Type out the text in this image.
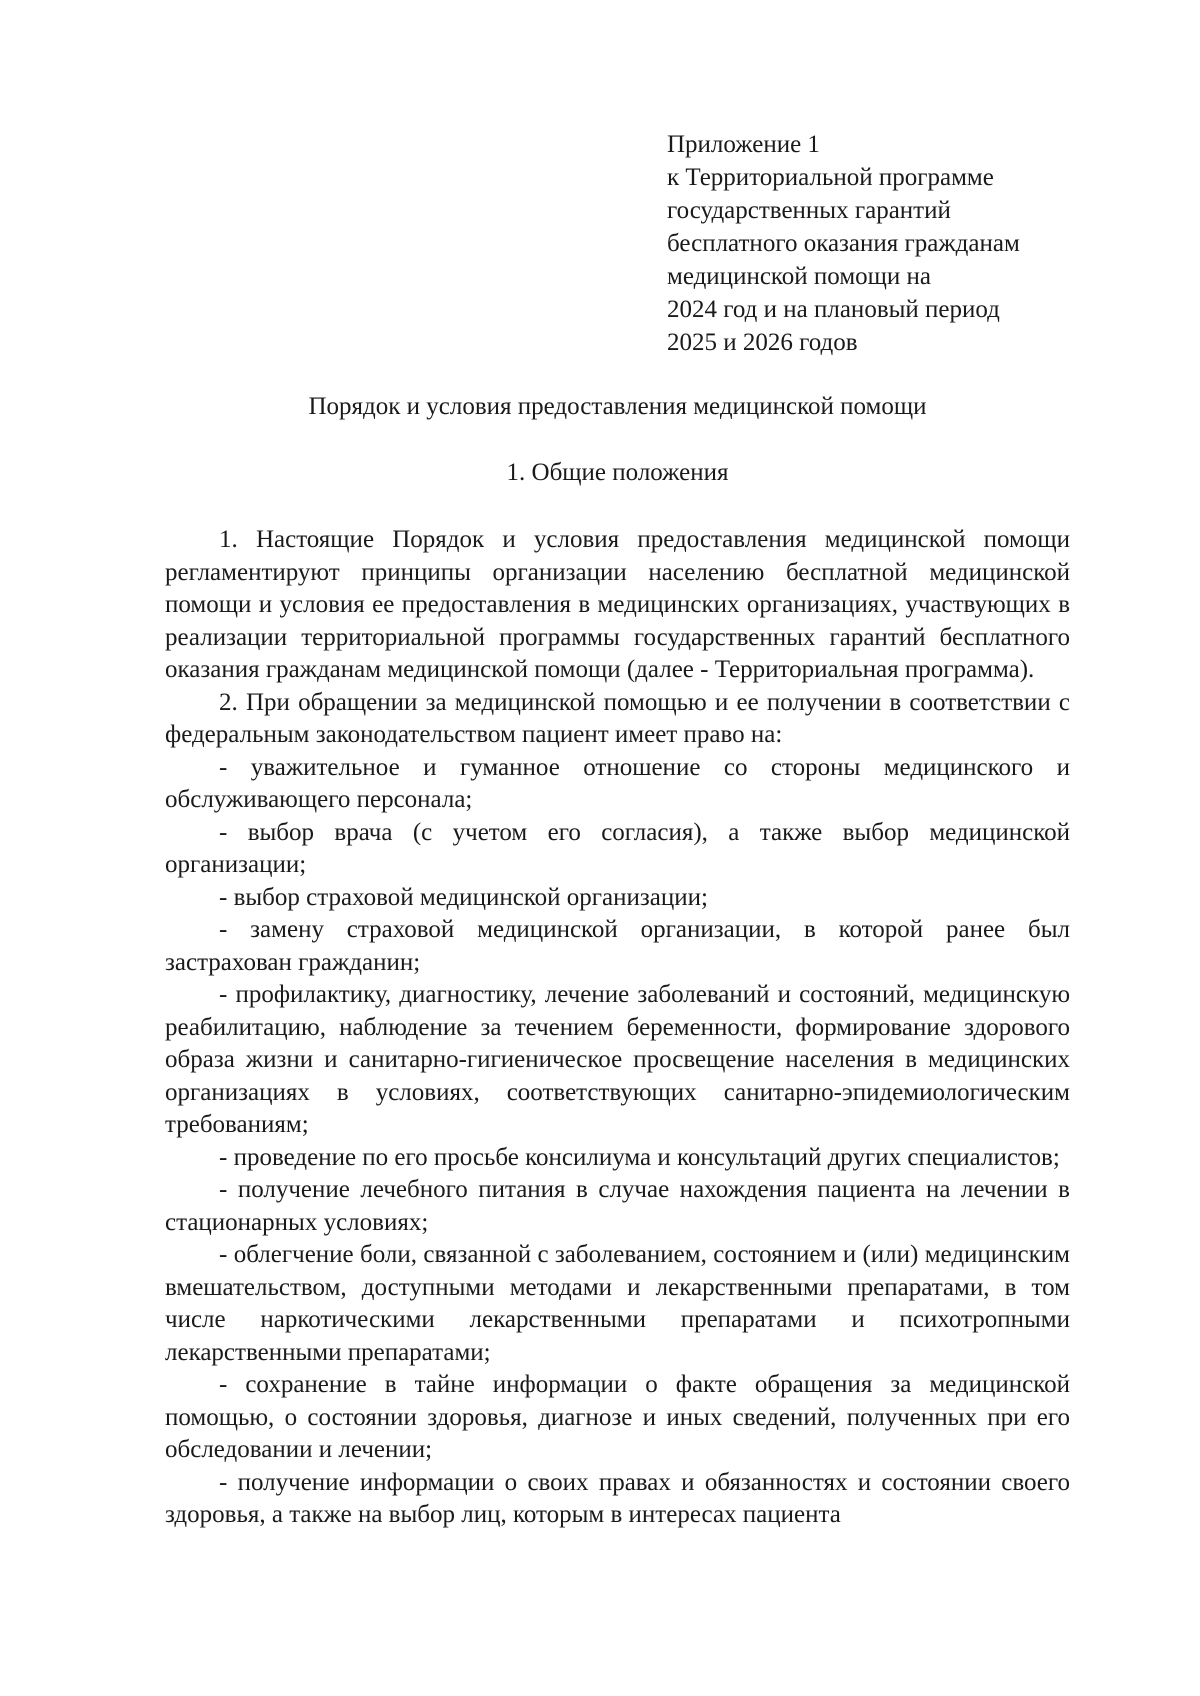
Приложение 1
к Территориальной программе
государственных гарантий
бесплатного оказания гражданам
медицинской помощи на
2024 год и на плановый период
2025 и 2026 годов
Порядок и условия предоставления медицинской помощи
1. Общие положения

1. Настоящие Порядок и условия предоставления медицинской помощи регламентируют принципы организации населению бесплатной медицинской помощи и условия ее предоставления в медицинских организациях, участвующих в реализации территориальной программы государственных гарантий бесплатного оказания гражданам медицинской помощи (далее - Территориальная программа).

2. При обращении за медицинской помощью и ее получении в соответствии с федеральным законодательством пациент имеет право на:

- уважительное и гуманное отношение со стороны медицинского и обслуживающего персонала;

- выбор врача (с учетом его согласия), а также выбор медицинской организации;

- выбор страховой медицинской организации;

- замену страховой медицинской организации, в которой ранее был застрахован гражданин;

- профилактику, диагностику, лечение заболеваний и состояний, медицинскую реабилитацию, наблюдение за течением беременности, формирование здорового образа жизни и санитарно-гигиеническое просвещение населения в медицинских организациях в условиях, соответствующих санитарно-эпидемиологическим требованиям;

- проведение по его просьбе консилиума и консультаций других специалистов;

- получение лечебного питания в случае нахождения пациента на лечении в стационарных условиях;

- облегчение боли, связанной с заболеванием, состоянием и (или) медицинским вмешательством, доступными методами и лекарственными препаратами, в том числе наркотическими лекарственными препаратами и психотропными лекарственными препаратами;

- сохранение в тайне информации о факте обращения за медицинской помощью, о состоянии здоровья, диагнозе и иных сведений, полученных при его обследовании и лечении;

- получение информации о своих правах и обязанностях и состоянии своего здоровья, а также на выбор лиц, которым в интересах пациента
